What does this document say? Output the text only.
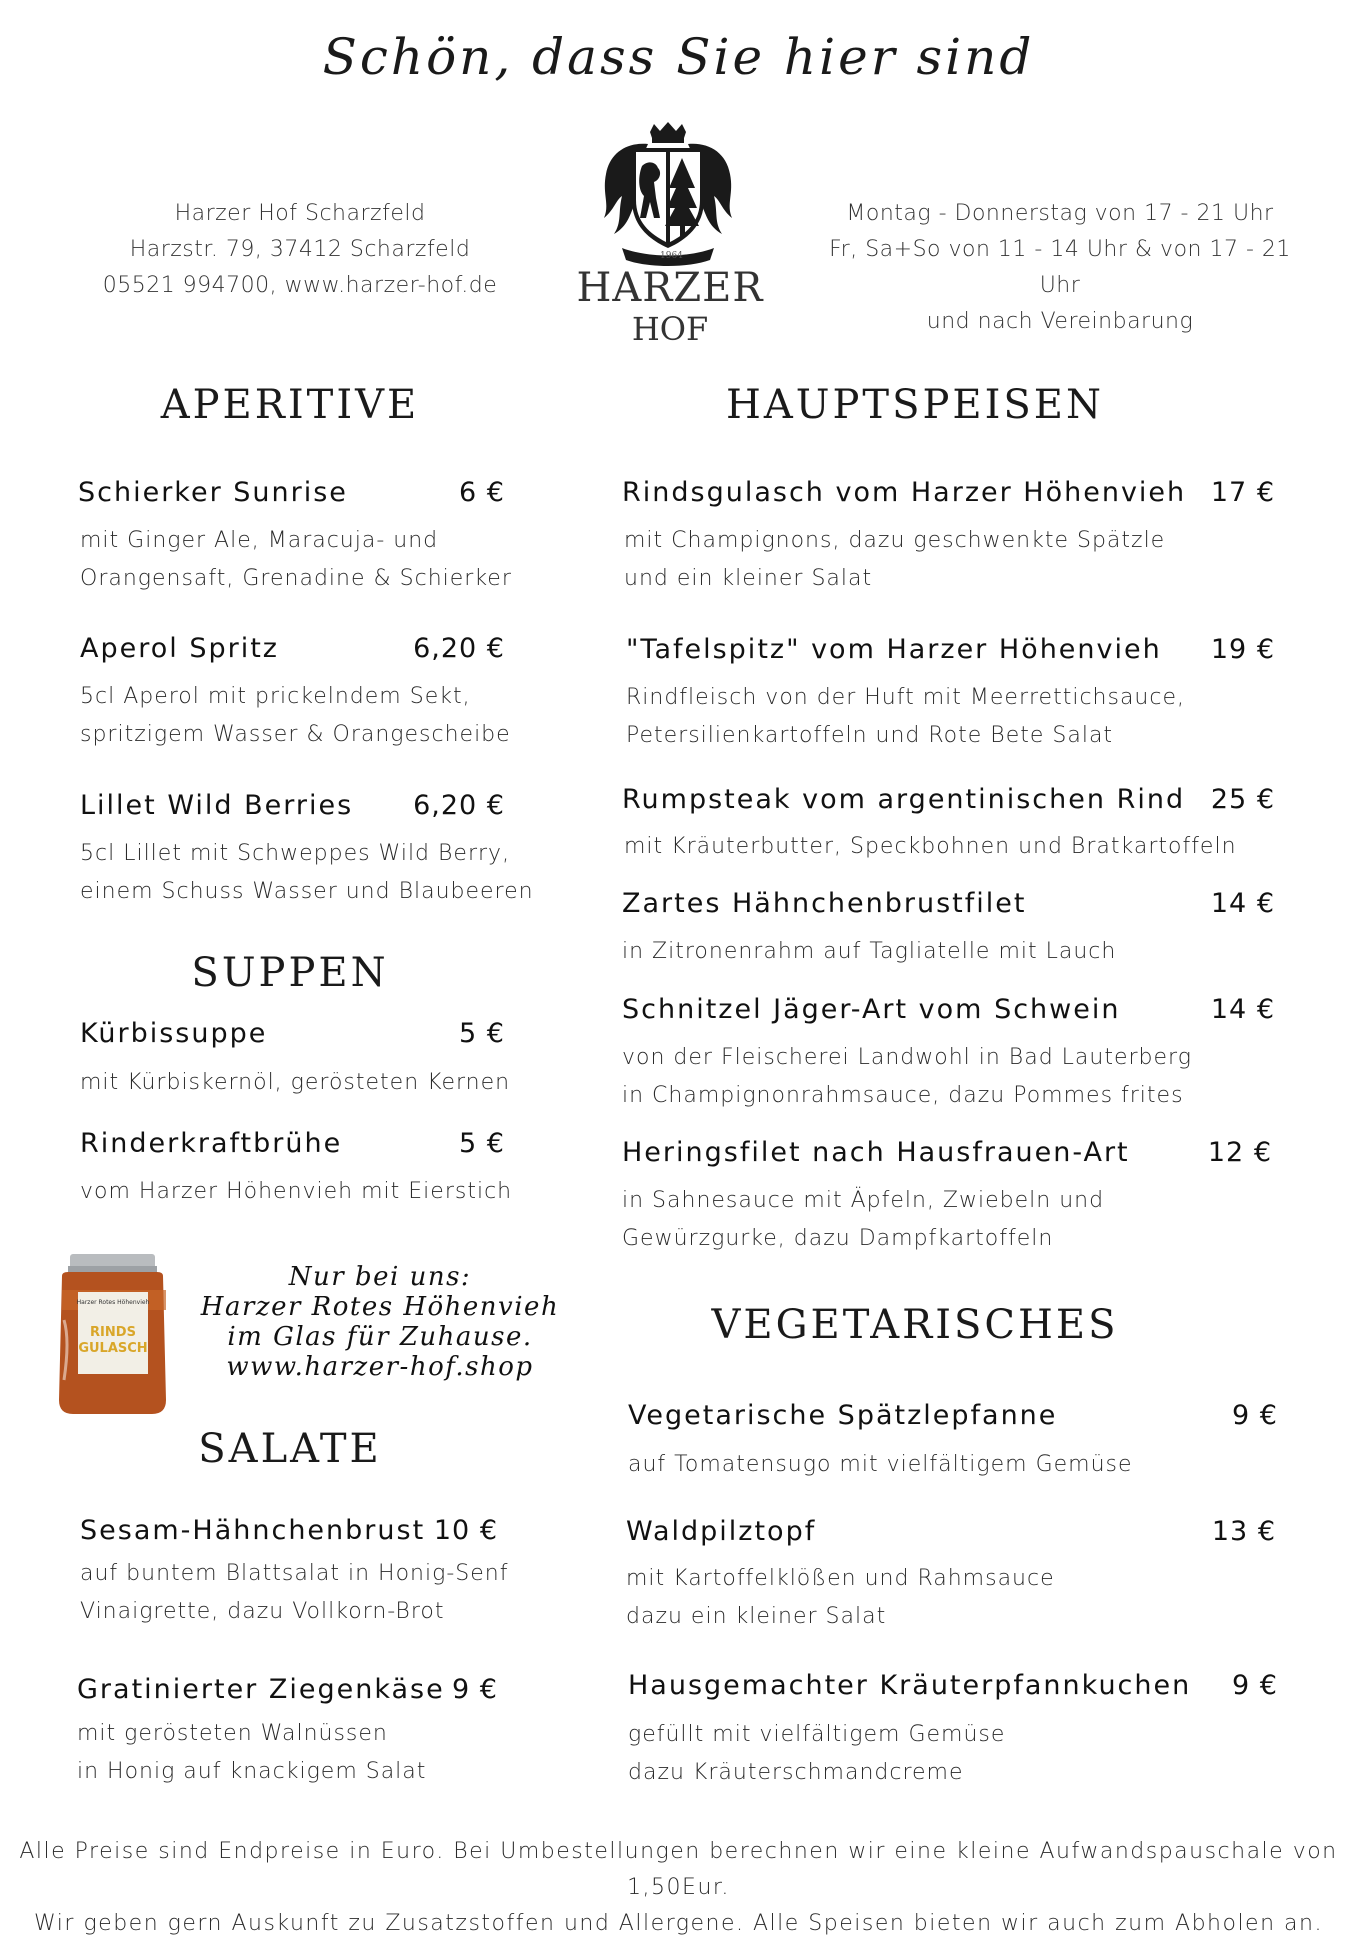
Schön, dass Sie hier sind
Harzer Hof Scharzfeld
Harzstr. 79, 37412 Scharzfeld
05521 994700, www.harzer-hof.de
1964
HARZER
HOF
Montag - Donnerstag von 17 - 21 Uhr
Fr, Sa+So von 11 - 14 Uhr & von 17 - 21 Uhr
und nach Vereinbarung
APERITIVE
Schierker Sunrise	6 €
mit Ginger Ale, Maracuja- und
Orangensaft, Grenadine & Schierker
Aperol Spritz	6,20 €
5cl Aperol mit prickelndem Sekt,
spritzigem Wasser & Orangescheibe
Lillet Wild Berries	6,20 €
5cl Lillet mit Schweppes Wild Berry,
einem Schuss Wasser und Blaubeeren
SUPPEN
Kürbissuppe	5 €
mit Kürbiskernöl, gerösteten Kernen
Rinderkraftbrühe	5 €
vom Harzer Höhenvieh mit Eierstich
Harzer Rotes Höhenvieh
RINDS
GULASCH
Nur bei uns:
Harzer Rotes Höhenvieh
im Glas für Zuhause.
www.harzer-hof.shop
SALATE
Sesam-Hähnchenbrust 10 €
auf buntem Blattsalat in Honig-Senf
Vinaigrette, dazu Vollkorn-Brot
Gratinierter Ziegenkäse 9 €
mit gerösteten Walnüssen
in Honig auf knackigem Salat
HAUPTSPEISEN
Rindsgulasch vom Harzer Höhenvieh 17 €
mit Champignons, dazu geschwenkte Spätzle
und ein kleiner Salat
"Tafelspitz" vom Harzer Höhenvieh	19 €
Rindfleisch von der Huft mit Meerrettichsauce,
Petersilienkartoffeln und Rote Bete Salat
Rumpsteak vom argentinischen Rind 25 €
mit Kräuterbutter, Speckbohnen und Bratkartoffeln
Zartes Hähnchenbrustfilet	14 €
in Zitronenrahm auf Tagliatelle mit Lauch
Schnitzel Jäger-Art vom Schwein	14 €
von der Fleischerei Landwohl in Bad Lauterberg
in Champignonrahmsauce, dazu Pommes frites
Heringsfilet nach Hausfrauen-Art	12 €
in Sahnesauce mit Äpfeln, Zwiebeln und
Gewürzgurke, dazu Dampfkartoffeln
VEGETARISCHES
Vegetarische Spätzlepfanne	9 €
auf Tomatensugo mit vielfältigem Gemüse
Waldpilztopf	13 €
mit Kartoffelklößen und Rahmsauce
dazu ein kleiner Salat
Hausgemachter Kräuterpfannkuchen	9 €
gefüllt mit vielfältigem Gemüse
dazu Kräuterschmandcreme
Alle Preise sind Endpreise in Euro. Bei Umbestellungen berechnen wir eine kleine Aufwandspauschale von 1,50Eur.
Wir geben gern Auskunft zu Zusatzstoffen und Allergene. Alle Speisen bieten wir auch zum Abholen an.
